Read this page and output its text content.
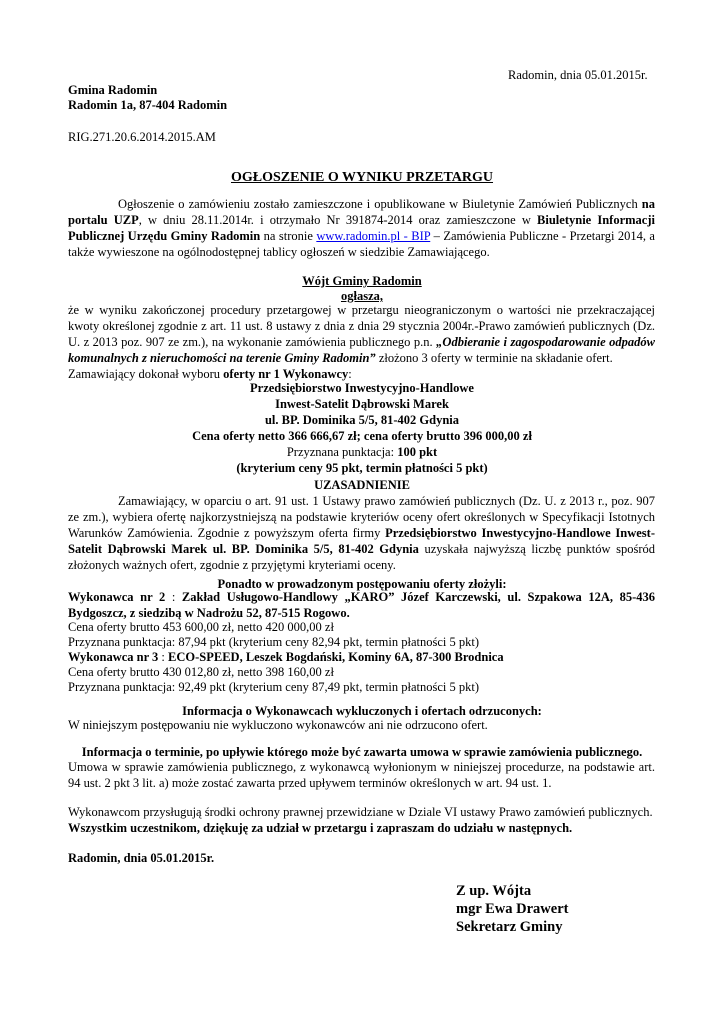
Radomin, dnia 05.01.2015r.
Gmina Radomin
Radomin 1a, 87-404 Radomin
RIG.271.20.6.2014.2015.AM
OGŁOSZENIE O WYNIKU PRZETARGU
Ogłoszenie o zamówieniu zostało zamieszczone i opublikowane w Biuletynie Zamówień Publicznych na portalu UZP, w dniu 28.11.2014r. i otrzymało Nr 391874-2014 oraz zamieszczone w Biuletynie Informacji Publicznej Urzędu Gminy Radomin na stronie www.radomin.pl - BIP – Zamówienia Publiczne - Przetargi 2014, a także wywieszone na ogólnodostępnej tablicy ogłoszeń w siedzibie Zamawiającego.
Wójt Gminy Radomin
ogłasza,
że w wyniku zakończonej procedury przetargowej w przetargu nieograniczonym o wartości nie przekraczającej kwoty określonej zgodnie z art. 11 ust. 8 ustawy z dnia z dnia 29 stycznia 2004r.-Prawo zamówień publicznych (Dz. U. z 2013 poz. 907 ze zm.), na wykonanie zamówienia publicznego p.n. „Odbieranie i zagospodarowanie odpadów komunalnych z nieruchomości na terenie Gminy Radomin” złożono 3 oferty w terminie na składanie ofert.
Zamawiający dokonał wyboru oferty nr 1 Wykonawcy:
Przedsiębiorstwo Inwestycyjno-Handlowe
Inwest-Satelit Dąbrowski Marek
ul. BP. Dominika 5/5, 81-402 Gdynia
Cena oferty netto 366 666,67 zł; cena oferty brutto 396 000,00 zł
Przyznana punktacja: 100 pkt
(kryterium ceny 95 pkt, termin płatności 5 pkt)
UZASADNIENIE
Zamawiający, w oparciu o art. 91 ust. 1 Ustawy prawo zamówień publicznych (Dz. U. z 2013 r., poz. 907 ze zm.), wybiera ofertę najkorzystniejszą na podstawie kryteriów oceny ofert określonych w Specyfikacji Istotnych Warunków Zamówienia. Zgodnie z powyższym oferta firmy Przedsiębiorstwo Inwestycyjno-Handlowe Inwest-Satelit Dąbrowski Marek ul. BP. Dominika 5/5, 81-402 Gdynia uzyskała najwyższą liczbę punktów spośród złożonych ważnych ofert, zgodnie z przyjętymi kryteriami oceny.
Ponadto w prowadzonym postępowaniu oferty złożyli:
Wykonawca nr 2 : Zakład Usługowo-Handlowy „KARO” Józef Karczewski, ul. Szpakowa 12A, 85-436 Bydgoszcz, z siedzibą w Nadrożu 52, 87-515 Rogowo.
Cena oferty brutto 453 600,00 zł, netto 420 000,00 zł
Przyznana punktacja: 87,94 pkt (kryterium ceny 82,94 pkt, termin płatności 5 pkt)
Wykonawca nr 3 : ECO-SPEED, Leszek Bogdański, Kominy 6A, 87-300 Brodnica
Cena oferty brutto 430 012,80 zł, netto 398 160,00 zł
Przyznana punktacja: 92,49 pkt (kryterium ceny 87,49 pkt, termin płatności 5 pkt)
Informacja o Wykonawcach wykluczonych i ofertach odrzuconych:
W niniejszym postępowaniu nie wykluczono wykonawców ani nie odrzucono ofert.
Informacja o terminie, po upływie którego może być zawarta umowa w sprawie zamówienia publicznego.
Umowa w sprawie zamówienia publicznego, z wykonawcą wyłonionym w niniejszej procedurze, na podstawie art. 94 ust. 2 pkt 3 lit. a) może zostać zawarta przed upływem terminów określonych w art. 94 ust. 1.
Wykonawcom przysługują środki ochrony prawnej przewidziane w Dziale VI ustawy Prawo zamówień publicznych.
Wszystkim uczestnikom, dziękuję za udział w przetargu i zapraszam do udziału w następnych.
Radomin, dnia 05.01.2015r.
Z up. Wójta
mgr Ewa Drawert
Sekretarz Gminy
